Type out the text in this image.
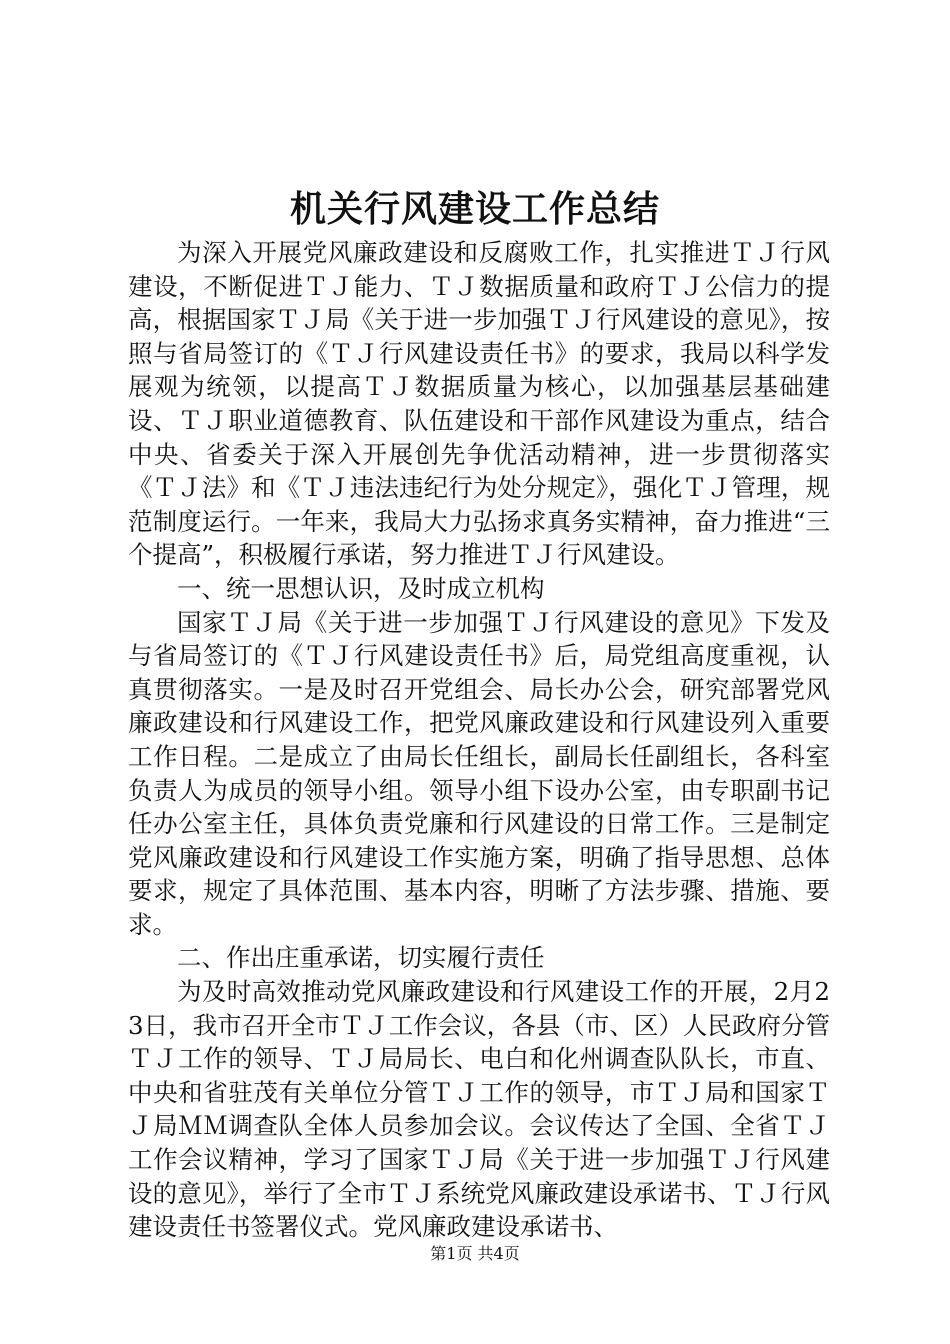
机关行风建设工作总结

为深入开展党风廉政建设和反腐败工作，扎实推进ＴＪ行风建设，不断促进ＴＪ能力、ＴＪ数据质量和政府ＴＪ公信力的提高，根据国家ＴＪ局《关于进一步加强ＴＪ行风建设的意见》，按照与省局签订的《ＴＪ行风建设责任书》的要求，我局以科学发展观为统领，以提高ＴＪ数据质量为核心，以加强基层基础建设、ＴＪ职业道德教育、队伍建设和干部作风建设为重点，结合中央、省委关于深入开展创先争优活动精神，进一步贯彻落实《ＴＪ法》和《ＴＪ违法违纪行为处分规定》，强化ＴＪ管理，规范制度运行。一年来，我局大力弘扬求真务实精神，奋力推进“三个提高”，积极履行承诺，努力推进ＴＪ行风建设。

一、统一思想认识，及时成立机构

国家ＴＪ局《关于进一步加强ＴＪ行风建设的意见》下发及与省局签订的《ＴＪ行风建设责任书》后，局党组高度重视，认真贯彻落实。一是及时召开党组会、局长办公会，研究部署党风廉政建设和行风建设工作，把党风廉政建设和行风建设列入重要工作日程。二是成立了由局长任组长，副局长任副组长，各科室负责人为成员的领导小组。领导小组下设办公室，由专职副书记任办公室主任，具体负责党廉和行风建设的日常工作。三是制定党风廉政建设和行风建设工作实施方案，明确了指导思想、总体要求，规定了具体范围、基本内容，明晰了方法步骤、措施、要求。

二、作出庄重承诺，切实履行责任

为及时高效推动党风廉政建设和行风建设工作的开展，2月23日，我市召开全市ＴＪ工作会议，各县（市、区）人民政府分管ＴＪ工作的领导、ＴＪ局局长、电白和化州调查队队长，市直、中央和省驻茂有关单位分管ＴＪ工作的领导，市ＴＪ局和国家ＴＪ局ＭＭ调查队全体人员参加会议。会议传达了全国、全省ＴＪ工作会议精神，学习了国家ＴＪ局《关于进一步加强ＴＪ行风建设的意见》，举行了全市ＴＪ系统党风廉政建设承诺书、ＴＪ行风建设责任书签署仪式。党风廉政建设承诺书、

第1页 共4页
